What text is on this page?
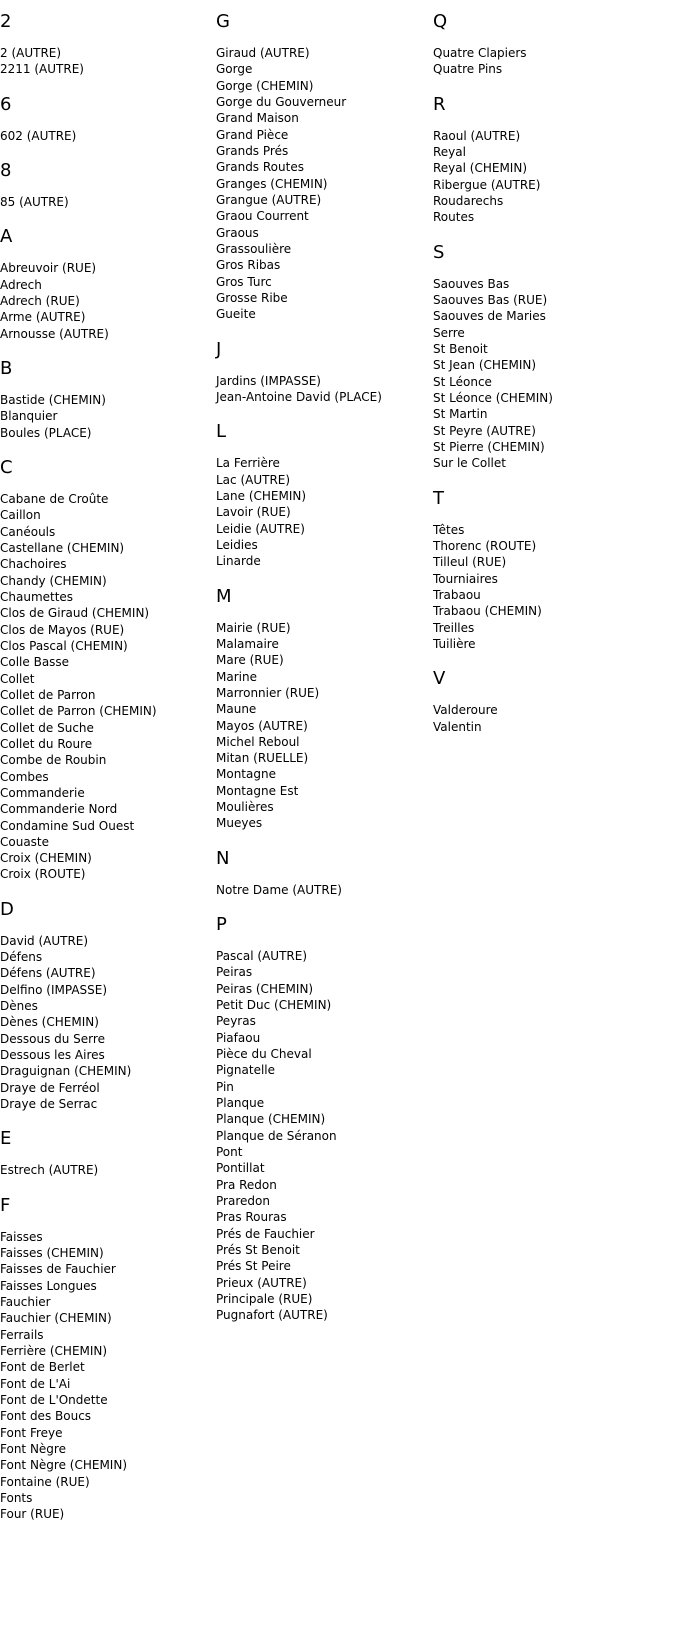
2
2 (AUTRE)
2211 (AUTRE)
6
602 (AUTRE)
8
85 (AUTRE)
A
Abreuvoir (RUE)
Adrech
Adrech (RUE)
Arme (AUTRE)
Arnousse (AUTRE)
B
Bastide (CHEMIN)
Blanquier
Boules (PLACE)
C
Cabane de Croûte
Caillon
Canéouls
Castellane (CHEMIN)
Chachoires
Chandy (CHEMIN)
Chaumettes
Clos de Giraud (CHEMIN)
Clos de Mayos (RUE)
Clos Pascal (CHEMIN)
Colle Basse
Collet
Collet de Parron
Collet de Parron (CHEMIN)
Collet de Suche
Collet du Roure
Combe de Roubin
Combes
Commanderie
Commanderie Nord
Condamine Sud Ouest
Couaste
Croix (CHEMIN)
Croix (ROUTE)
D
David (AUTRE)
Défens
Défens (AUTRE)
Delfino (IMPASSE)
Dènes
Dènes (CHEMIN)
Dessous du Serre
Dessous les Aires
Draguignan (CHEMIN)
Draye de Ferréol
Draye de Serrac
E
Estrech (AUTRE)
F
Faisses
Faisses (CHEMIN)
Faisses de Fauchier
Faisses Longues
Fauchier
Fauchier (CHEMIN)
Ferrails
Ferrière (CHEMIN)
Font de Berlet
Font de L'Ai
Font de L'Ondette
Font des Boucs
Font Freye
Font Nègre
Font Nègre (CHEMIN)
Fontaine (RUE)
Fonts
Four (RUE)
G
Giraud (AUTRE)
Gorge
Gorge (CHEMIN)
Gorge du Gouverneur
Grand Maison
Grand Pièce
Grands Prés
Grands Routes
Granges (CHEMIN)
Grangue (AUTRE)
Graou Courrent
Graous
Grassoulière
Gros Ribas
Gros Turc
Grosse Ribe
Gueite
J
Jardins (IMPASSE)
Jean-Antoine David (PLACE)
L
La Ferrière
Lac (AUTRE)
Lane (CHEMIN)
Lavoir (RUE)
Leidie (AUTRE)
Leidies
Linarde
M
Mairie (RUE)
Malamaire
Mare (RUE)
Marine
Marronnier (RUE)
Maune
Mayos (AUTRE)
Michel Reboul
Mitan (RUELLE)
Montagne
Montagne Est
Moulières
Mueyes
N
Notre Dame (AUTRE)
P
Pascal (AUTRE)
Peiras
Peiras (CHEMIN)
Petit Duc (CHEMIN)
Peyras
Piafaou
Pièce du Cheval
Pignatelle
Pin
Planque
Planque (CHEMIN)
Planque de Séranon
Pont
Pontillat
Pra Redon
Praredon
Pras Rouras
Prés de Fauchier
Prés St Benoit
Prés St Peire
Prieux (AUTRE)
Principale (RUE)
Pugnafort (AUTRE)
Q
Quatre Clapiers
Quatre Pins
R
Raoul (AUTRE)
Reyal
Reyal (CHEMIN)
Ribergue (AUTRE)
Roudarechs
Routes
S
Saouves Bas
Saouves Bas (RUE)
Saouves de Maries
Serre
St Benoit
St Jean (CHEMIN)
St Léonce
St Léonce (CHEMIN)
St Martin
St Peyre (AUTRE)
St Pierre (CHEMIN)
Sur le Collet
T
Têtes
Thorenc (ROUTE)
Tilleul (RUE)
Tourniaires
Trabaou
Trabaou (CHEMIN)
Treilles
Tuilière
V
Valderoure
Valentin
